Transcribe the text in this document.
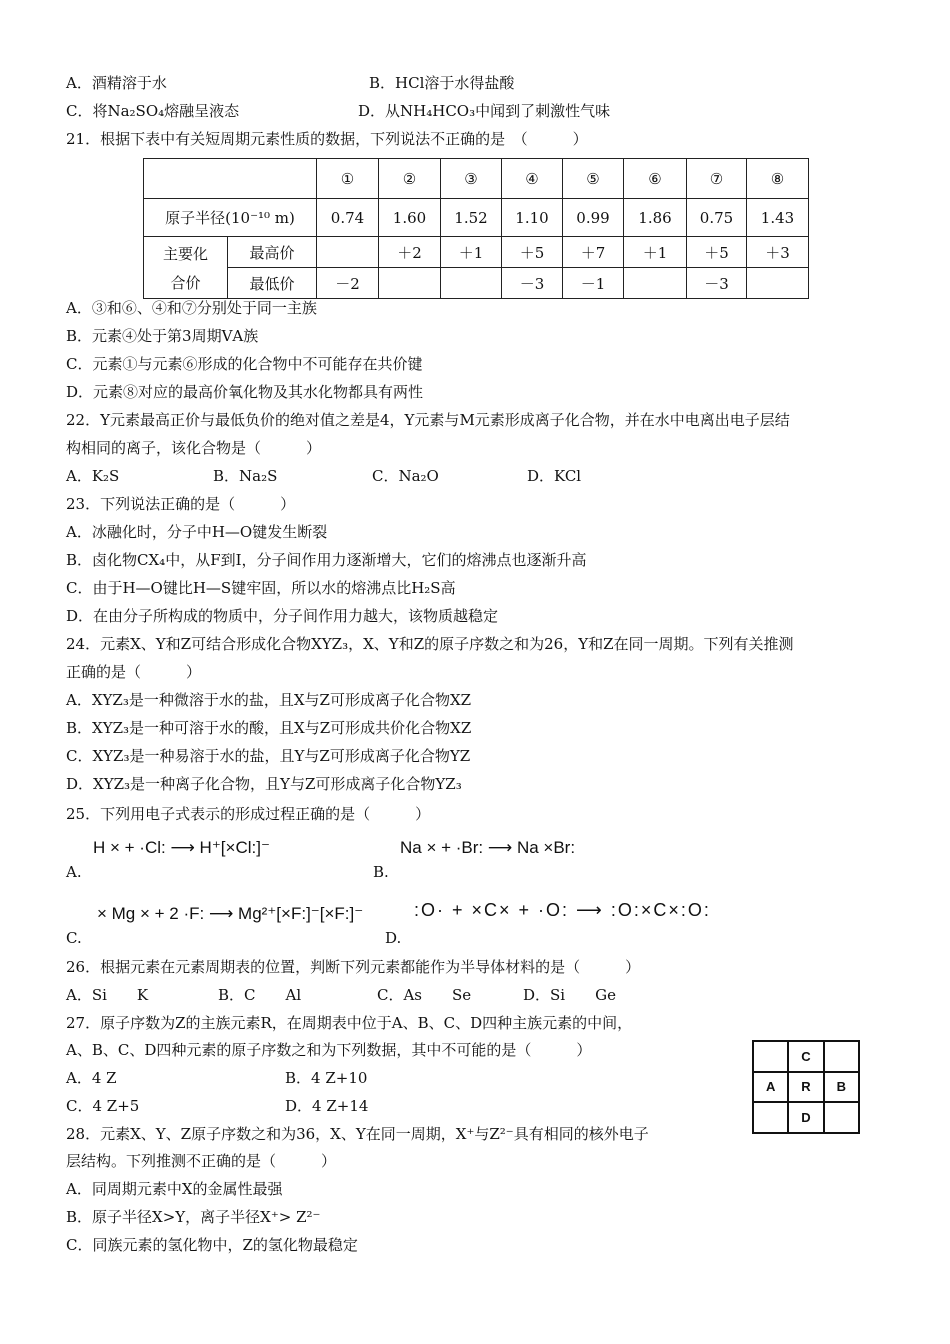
A．酒精溶于水	B．HCl溶于水得盐酸
C．将Na₂SO₄熔融呈液态	D．从NH₄HCO₃中闻到了刺激性气味
21．根据下表中有关短周期元素性质的数据，下列说法不正确的是　（　　　）
		①	②	③	④	⑤	⑥	⑦	⑧
原子半径(10⁻¹⁰ m)		0.74	1.60	1.52	1.10	0.99	1.86	0.75	1.43

主要化
合价	最高价		＋2	＋1	＋5	＋7	＋1	＋5	＋3
	最低价	－2			－3	－1		－3	
A．③和⑥、④和⑦分别处于同一主族
B．元素④处于第3周期ⅤA族
C．元素①与元素⑥形成的化合物中不可能存在共价键
D．元素⑧对应的最高价氧化物及其水化物都具有两性
22．Y元素最高正价与最低负价的绝对值之差是4，Y元素与M元素形成离子化合物，并在水中电离出电子层结
构相同的离子，该化合物是（　　　）
A．K₂S	B．Na₂S	C．Na₂O	D．KCl
23．下列说法正确的是（　　　）
A．冰融化时，分子中H—O键发生断裂
B．卤化物CX₄中，从F到I，分子间作用力逐渐增大，它们的熔沸点也逐渐升高
C．由于H—O键比H—S键牢固，所以水的熔沸点比H₂S高
D．在由分子所构成的物质中，分子间作用力越大，该物质越稳定
24．元素X、Y和Z可结合形成化合物XYZ₃，X、Y和Z的原子序数之和为26，Y和Z在同一周期。下列有关推测
正确的是（　　　）
A．XYZ₃是一种微溶于水的盐，且X与Z可形成离子化合物XZ
B．XYZ₃是一种可溶于水的酸，且X与Z可形成共价化合物XZ
C．XYZ₃是一种易溶于水的盐，且Y与Z可形成离子化合物YZ
D．XYZ₃是一种离子化合物，且Y与Z可形成离子化合物YZ₃
25．下列用电子式表示的形成过程正确的是（　　　）
A.
H × + ·Cl: ⟶ H⁺[×Cl:]⁻
B.
Na × + ·Br: ⟶ Na ×Br:
C.
× Mg × + 2 ·F: ⟶ Mg²⁺[×F:]⁻[×F:]⁻
D.
:O· + ×C× + ·O: ⟶ :O:×C×:O:
26．根据元素在元素周期表的位置，判断下列元素都能作为半导体材料的是（　　　）
A．Si　　K	B．C　　Al	C．As　　Se	D．Si　　Ge
27．原子序数为Z的主族元素R，在周期表中位于A、B、C、D四种主族元素的中间，
A、B、C、D四种元素的原子序数之和为下列数据，其中不可能的是（　　　）
A．4 Z	B．4 Z+10
C．4 Z+5	D．4 Z+14
	C	
A	R	B
	D	
28．元素X、Y、Z原子序数之和为36，X、Y在同一周期，X⁺与Z²⁻具有相同的核外电子
层结构。下列推测不正确的是（　　　）
A．同周期元素中X的金属性最强
B．原子半径X>Y，离子半径X⁺> Z²⁻
C．同族元素的氢化物中，Z的氢化物最稳定
